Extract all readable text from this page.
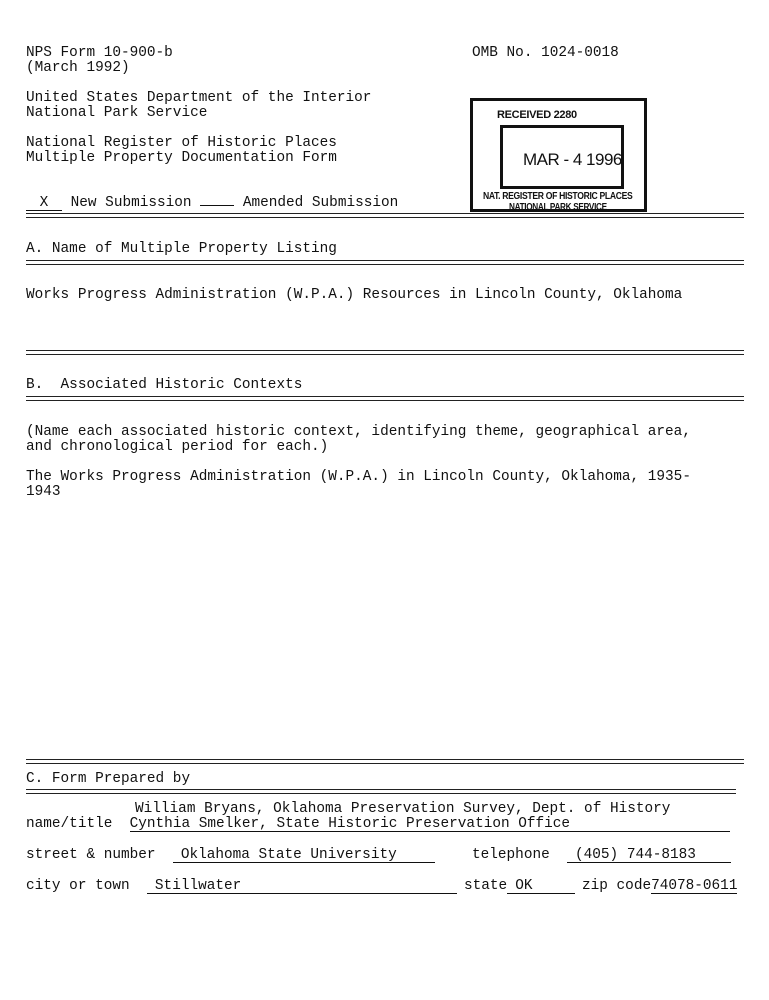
NPS Form 10-900-b
(March 1992)
OMB No. 1024-0018
United States Department of the Interior
National Park Service
National Register of Historic Places
Multiple Property Documentation Form
RECEIVED 2280
MAR - 4 1996
NAT. REGISTER OF HISTORIC PLACES
NATIONAL PARK SERVICE
X New Submission	Amended Submission
A. Name of Multiple Property Listing
Works Progress Administration (W.P.A.) Resources in Lincoln County, Oklahoma
B.  Associated Historic Contexts
(Name each associated historic context, identifying theme, geographical area,
and chronological period for each.)
The Works Progress Administration (W.P.A.) in Lincoln County, Oklahoma, 1935-
1943
C. Form Prepared by
William Bryans, Oklahoma Preservation Survey, Dept. of History
name/title Cynthia Smelker, State Historic Preservation Office
street & number Oklahoma State University	telephone (405) 744-8183
city or town Stillwater	state OK	zip code74078-0611
